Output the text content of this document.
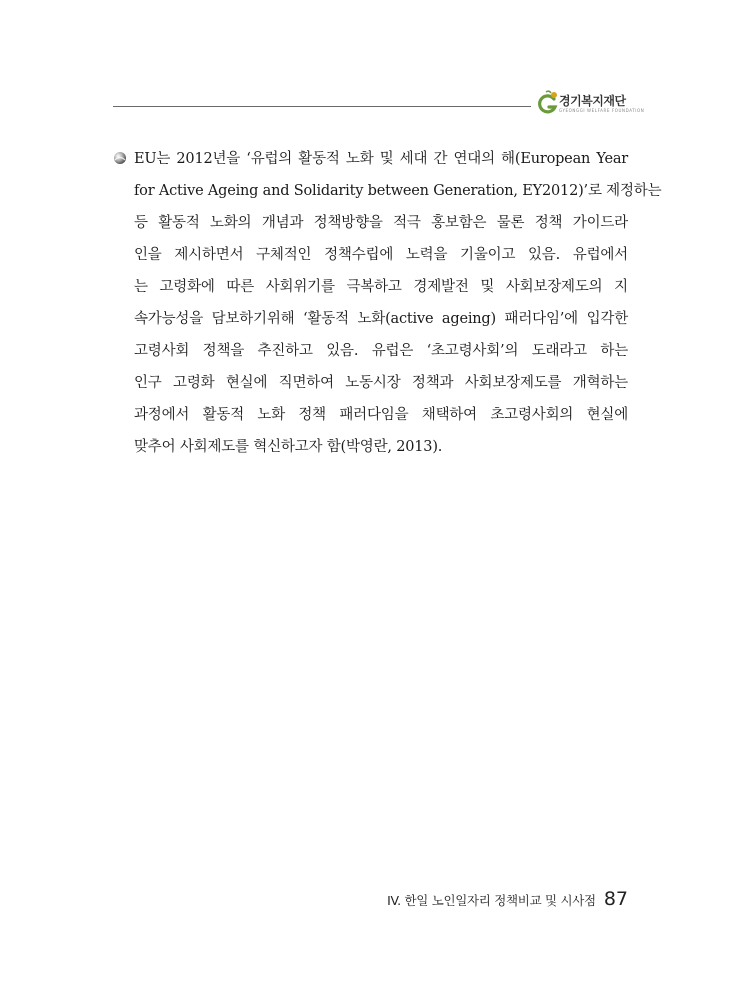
경기복지재단
GYEONGGI WELFARE FOUNDATION
EU는 2012년을 ‘유럽의 활동적 노화 및 세대 간 연대의 해(European Year
for Active Ageing and Solidarity between Generation, EY2012)’로 제정하는
등 활동적 노화의 개념과 정책방향을 적극 홍보함은 물론 정책 가이드라
인을 제시하면서 구체적인 정책수립에 노력을 기울이고 있음. 유럽에서
는 고령화에 따른 사회위기를 극복하고 경제발전 및 사회보장제도의 지
속가능성을 담보하기위해 ‘활동적 노화(active ageing) 패러다임’에 입각한
고령사회 정책을 추진하고 있음. 유럽은 ‘초고령사회’의 도래라고 하는
인구 고령화 현실에 직면하여 노동시장 정책과 사회보장제도를 개혁하는
과정에서 활동적 노화 정책 패러다임을 채택하여 초고령사회의 현실에
맞추어 사회제도를 혁신하고자 함(박영란, 2013).
IV. 한일 노인일자리 정책비교 및 시사점 87
